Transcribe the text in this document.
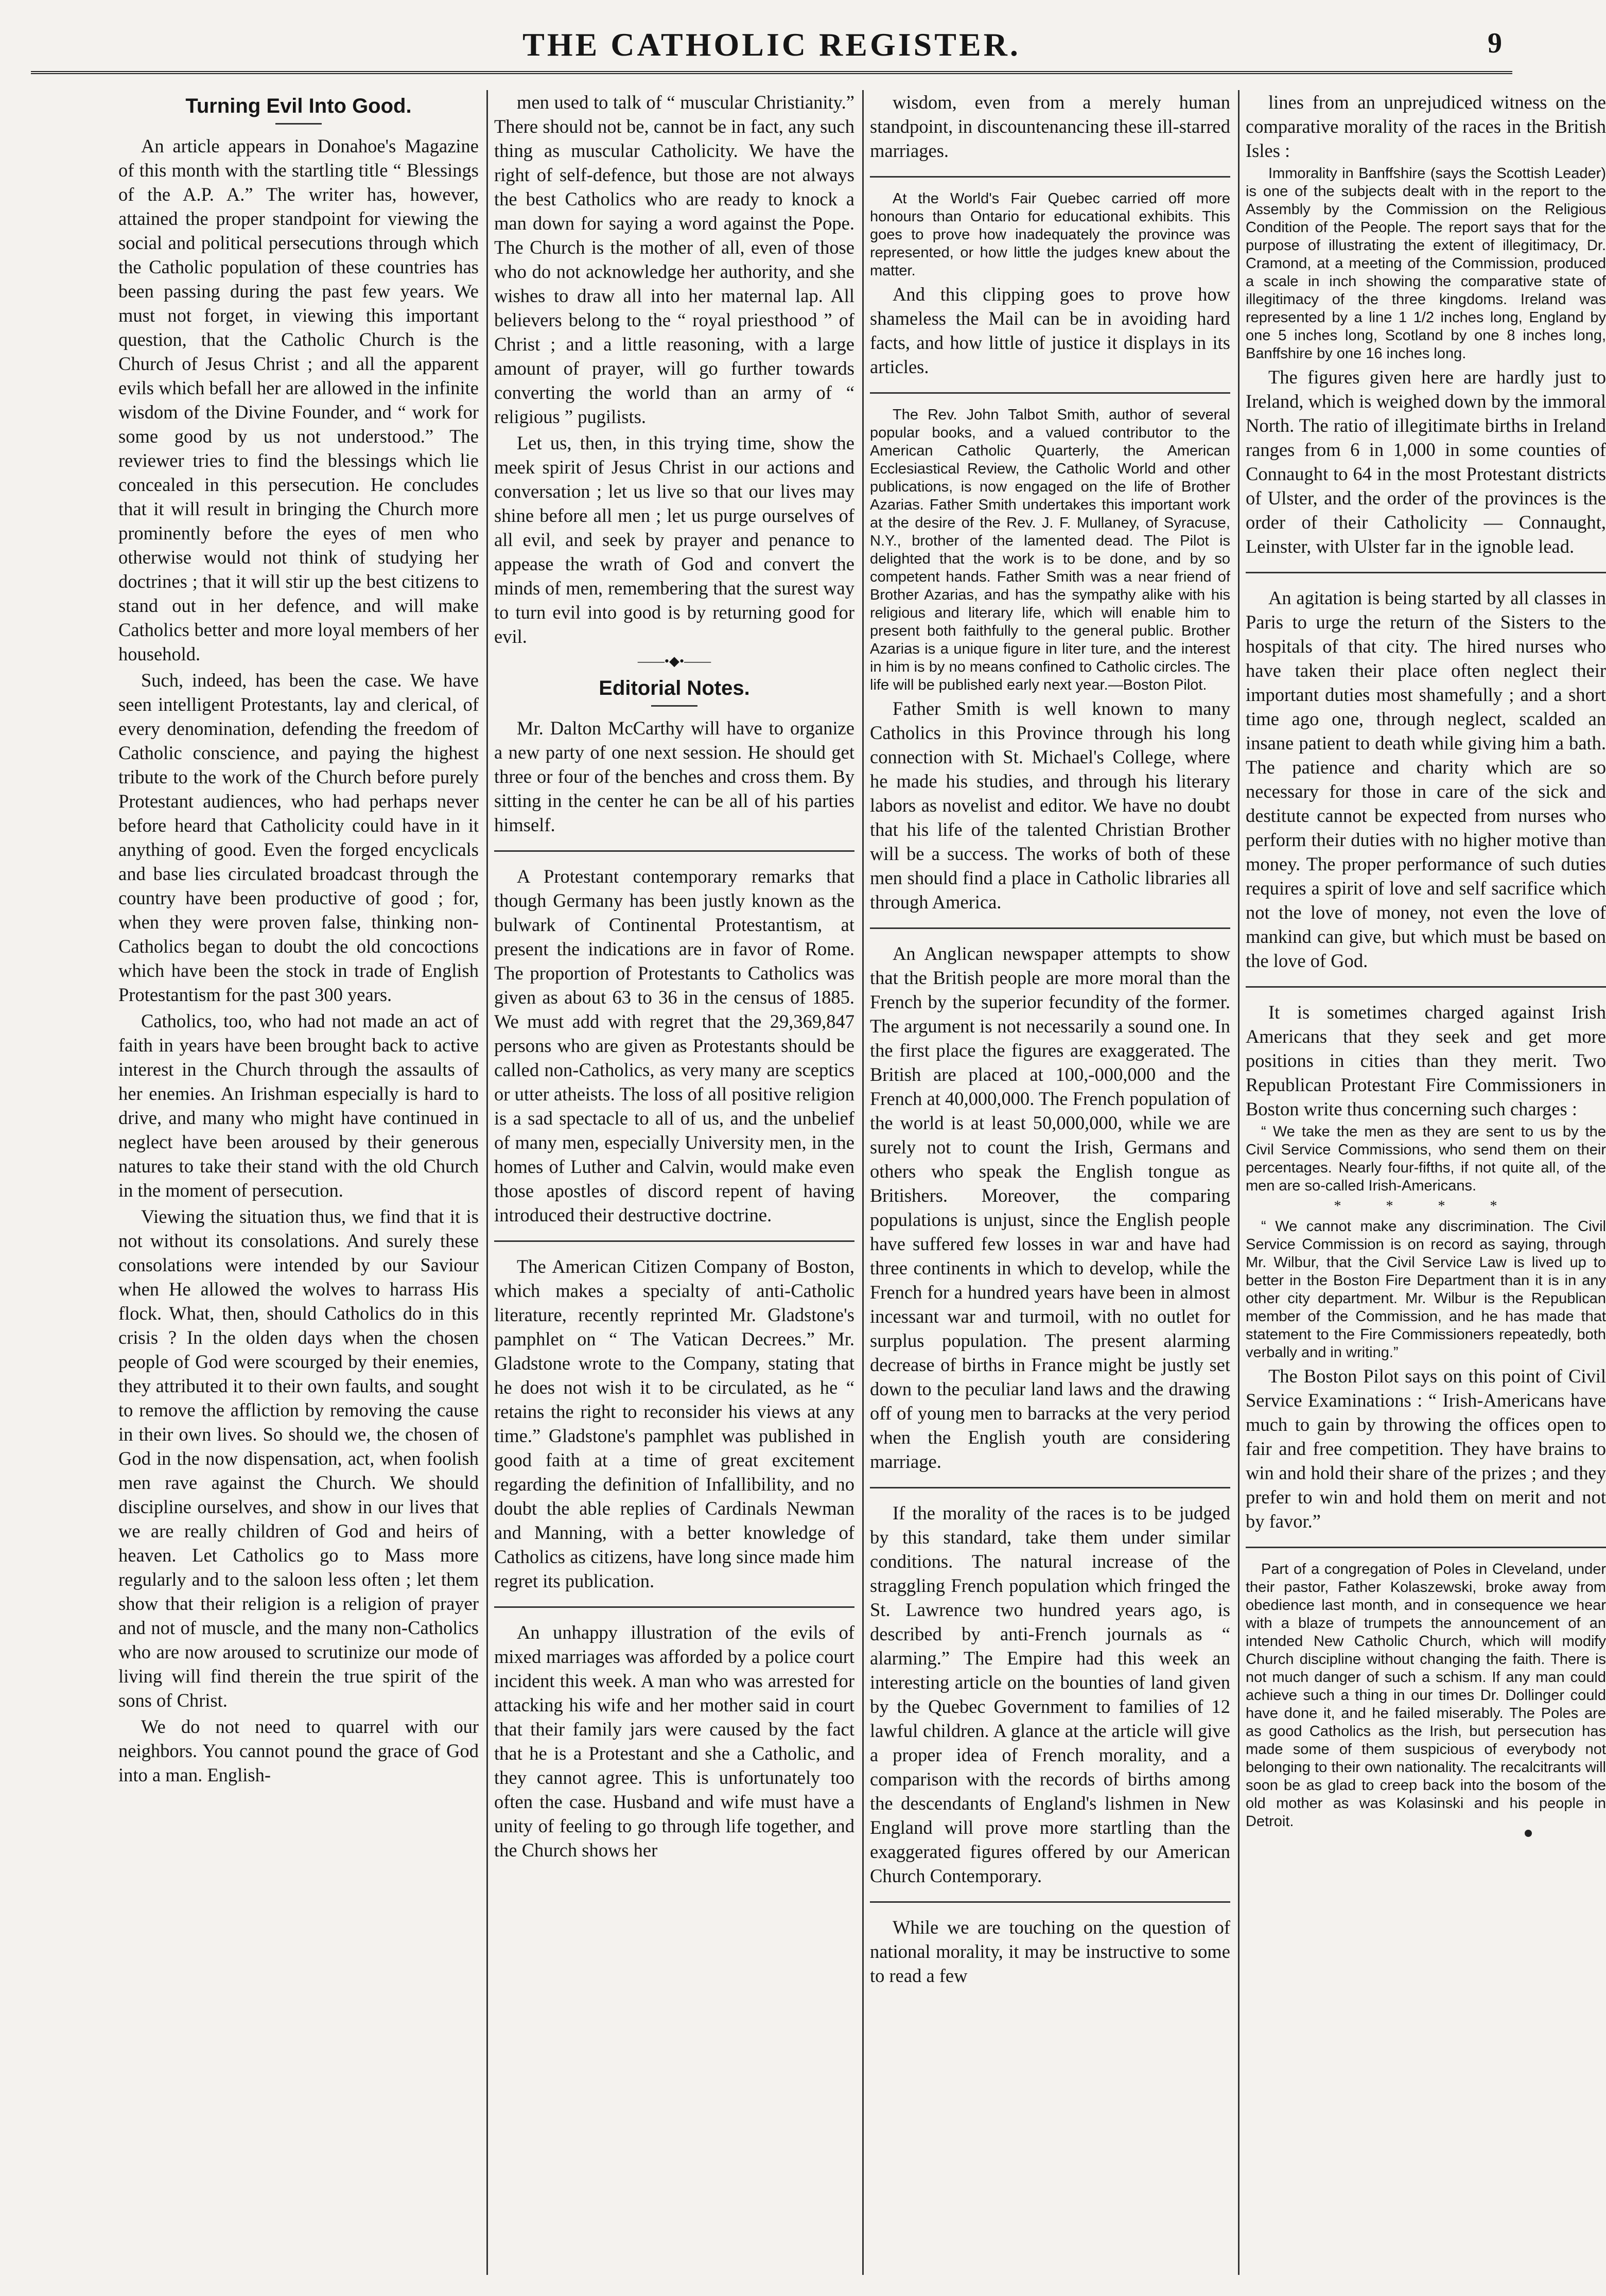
THE CATHOLIC REGISTER.	9
Turning Evil Into Good.

An article appears in Donahoe's Magazine of this month with the startling title “ Blessings of the A.P. A.” The writer has, however, attained the proper standpoint for viewing the social and political persecutions through which the Catholic population of these countries has been passing during the past few years. We must not forget, in viewing this important question, that the Catholic Church is the Church of Jesus Christ ; and all the apparent evils which befall her are allowed in the infinite wisdom of the Divine Founder, and “ work for some good by us not understood.” The reviewer tries to find the blessings which lie concealed in this persecution. He concludes that it will result in bringing the Church more prominently before the eyes of men who otherwise would not think of studying her doctrines ; that it will stir up the best citizens to stand out in her defence, and will make Catholics better and more loyal members of her household.

Such, indeed, has been the case. We have seen intelligent Protestants, lay and clerical, of every denomination, defending the freedom of Catholic conscience, and paying the highest tribute to the work of the Church before purely Protestant audiences, who had perhaps never before heard that Catholicity could have in it anything of good. Even the forged encyclicals and base lies circulated broadcast through the country have been productive of good ; for, when they were proven false, thinking non-Catholics began to doubt the old concoctions which have been the stock in trade of English Protestantism for the past 300 years.

Catholics, too, who had not made an act of faith in years have been brought back to active interest in the Church through the assaults of her enemies. An Irishman especially is hard to drive, and many who might have continued in neglect have been aroused by their generous natures to take their stand with the old Church in the moment of persecution.

Viewing the situation thus, we find that it is not without its consolations. And surely these consolations were intended by our Saviour when He allowed the wolves to harrass His flock. What, then, should Catholics do in this crisis ? In the olden days when the chosen people of God were scourged by their enemies, they attributed it to their own faults, and sought to remove the affliction by removing the cause in their own lives. So should we, the chosen of God in the now dispensation, act, when foolish men rave against the Church. We should discipline ourselves, and show in our lives that we are really children of God and heirs of heaven. Let Catholics go to Mass more regularly and to the saloon less often ; let them show that their religion is a religion of prayer and not of muscle, and the many non-Catholics who are now aroused to scrutinize our mode of living will find therein the true spirit of the sons of Christ.

We do not need to quarrel with our neighbors. You cannot pound the grace of God into a man. English-

men used to talk of “ muscular Christianity.” There should not be, cannot be in fact, any such thing as muscular Catholicity. We have the right of self-defence, but those are not always the best Catholics who are ready to knock a man down for saying a word against the Pope. The Church is the mother of all, even of those who do not acknowledge her authority, and she wishes to draw all into her maternal lap. All believers belong to the “ royal priesthood ” of Christ ; and a little reasoning, with a large amount of prayer, will go further towards converting the world than an army of “ religious ” pugilists.

Let us, then, in this trying time, show the meek spirit of Jesus Christ in our actions and conversation ; let us live so that our lives may shine before all men ; let us purge ourselves of all evil, and seek by prayer and penance to appease the wrath of God and convert the minds of men, remembering that the surest way to turn evil into good is by returning good for evil.

——•◆•——
Editorial Notes.

Mr. Dalton McCarthy will have to organize a new party of one next session. He should get three or four of the benches and cross them. By sitting in the center he can be all of his parties himself.

A Protestant contemporary remarks that though Germany has been justly known as the bulwark of Continental Protestantism, at present the indications are in favor of Rome. The proportion of Protestants to Catholics was given as about 63 to 36 in the census of 1885. We must add with regret that the 29,369,847 persons who are given as Protestants should be called non-Catholics, as very many are sceptics or utter atheists. The loss of all positive religion is a sad spectacle to all of us, and the unbelief of many men, especially University men, in the homes of Luther and Calvin, would make even those apostles of discord repent of having introduced their destructive doctrine.

The American Citizen Company of Boston, which makes a specialty of anti-Catholic literature, recently reprinted Mr. Gladstone's pamphlet on “ The Vatican Decrees.” Mr. Gladstone wrote to the Company, stating that he does not wish it to be circulated, as he “ retains the right to reconsider his views at any time.” Gladstone's pamphlet was published in good faith at a time of great excitement regarding the definition of Infallibility, and no doubt the able replies of Cardinals Newman and Manning, with a better knowledge of Catholics as citizens, have long since made him regret its publication.

An unhappy illustration of the evils of mixed marriages was afforded by a police court incident this week. A man who was arrested for attacking his wife and her mother said in court that their family jars were caused by the fact that he is a Protestant and she a Catholic, and they cannot agree. This is unfortunately too often the case. Husband and wife must have a unity of feeling to go through life together, and the Church shows her

wisdom, even from a merely human standpoint, in discountenancing these ill-starred marriages.

At the World's Fair Quebec carried off more honours than Ontario for educational exhibits. This goes to prove how inadequately the province was represented, or how little the judges knew about the matter.

And this clipping goes to prove how shameless the Mail can be in avoiding hard facts, and how little of justice it displays in its articles.

The Rev. John Talbot Smith, author of several popular books, and a valued contributor to the American Catholic Quarterly, the American Ecclesiastical Review, the Catholic World and other publications, is now engaged on the life of Brother Azarias. Father Smith undertakes this important work at the desire of the Rev. J. F. Mullaney, of Syracuse, N.Y., brother of the lamented dead. The Pilot is delighted that the work is to be done, and by so competent hands. Father Smith was a near friend of Brother Azarias, and has the sympathy alike with his religious and literary life, which will enable him to present both faithfully to the general public. Brother Azarias is a unique figure in liter ture, and the interest in him is by no means confined to Catholic circles. The life will be published early next year.—Boston Pilot.

Father Smith is well known to many Catholics in this Province through his long connection with St. Michael's College, where he made his studies, and through his literary labors as novelist and editor. We have no doubt that his life of the talented Christian Brother will be a success. The works of both of these men should find a place in Catholic libraries all through America.

An Anglican newspaper attempts to show that the British people are more moral than the French by the superior fecundity of the former. The argument is not necessarily a sound one. In the first place the figures are exaggerated. The British are placed at 100,-000,000 and the French at 40,000,000. The French population of the world is at least 50,000,000, while we are surely not to count the Irish, Germans and others who speak the English tongue as Britishers. Moreover, the comparing populations is unjust, since the English people have suffered few losses in war and have had three continents in which to develop, while the French for a hundred years have been in almost incessant war and turmoil, with no outlet for surplus population. The present alarming decrease of births in France might be justly set down to the peculiar land laws and the drawing off of young men to barracks at the very period when the English youth are considering marriage.

If the morality of the races is to be judged by this standard, take them under similar conditions. The natural increase of the straggling French population which fringed the St. Lawrence two hundred years ago, is described by anti-French journals as “ alarming.” The Empire had this week an interesting article on the bounties of land given by the Quebec Government to families of 12 lawful children. A glance at the article will give a proper idea of French morality, and a comparison with the records of births among the descendants of England's lishmen in New England will prove more startling than the exaggerated figures offered by our American Church Contemporary.

While we are touching on the question of national morality, it may be instructive to some to read a few

lines from an unprejudiced witness on the comparative morality of the races in the British Isles :

Immorality in Banffshire (says the Scottish Leader) is one of the subjects dealt with in the report to the Assembly by the Commission on the Religious Condition of the People. The report says that for the purpose of illustrating the extent of illegitimacy, Dr. Cramond, at a meeting of the Commission, produced a scale in inch showing the comparative state of illegitimacy of the three kingdoms. Ireland was represented by a line 1 1/2 inches long, England by one 5 inches long, Scotland by one 8 inches long, Banffshire by one 16 inches long.

The figures given here are hardly just to Ireland, which is weighed down by the immoral North. The ratio of illegitimate births in Ireland ranges from 6 in 1,000 in some counties of Connaught to 64 in the most Protestant districts of Ulster, and the order of the provinces is the order of their Catholicity — Connaught, Leinster, with Ulster far in the ignoble lead.

An agitation is being started by all classes in Paris to urge the return of the Sisters to the hospitals of that city. The hired nurses who have taken their place often neglect their important duties most shamefully ; and a short time ago one, through neglect, scalded an insane patient to death while giving him a bath. The patience and charity which are so necessary for those in care of the sick and destitute cannot be expected from nurses who perform their duties with no higher motive than money. The proper performance of such duties requires a spirit of love and self sacrifice which not the love of money, not even the love of mankind can give, but which must be based on the love of God.

It is sometimes charged against Irish Americans that they seek and get more positions in cities than they merit. Two Republican Protestant Fire Commissioners in Boston write thus concerning such charges :

“ We take the men as they are sent to us by the Civil Service Commissions, who send them on their percentages. Nearly four-fifths, if not quite all, of the men are so-called Irish-Americans.

* * * *

“ We cannot make any discrimination. The Civil Service Commission is on record as saying, through Mr. Wilbur, that the Civil Service Law is lived up to better in the Boston Fire Department than it is in any other city department. Mr. Wilbur is the Republican member of the Commission, and he has made that statement to the Fire Commissioners repeatedly, both verbally and in writing.”

The Boston Pilot says on this point of Civil Service Examinations : “ Irish-Americans have much to gain by throwing the offices open to fair and free competition. They have brains to win and hold their share of the prizes ; and they prefer to win and hold them on merit and not by favor.”

Part of a congregation of Poles in Cleveland, under their pastor, Father Kolaszewski, broke away from obedience last month, and in consequence we hear with a blaze of trumpets the announcement of an intended New Catholic Church, which will modify Church discipline without changing the faith. There is not much danger of such a schism. If any man could achieve such a thing in our times Dr. Dollinger could have done it, and he failed miserably. The Poles are as good Catholics as the Irish, but persecution has made some of them suspicious of everybody not belonging to their own nationality. The recalcitrants will soon be as glad to creep back into the bosom of the old mother as was Kolasinski and his people in Detroit.
